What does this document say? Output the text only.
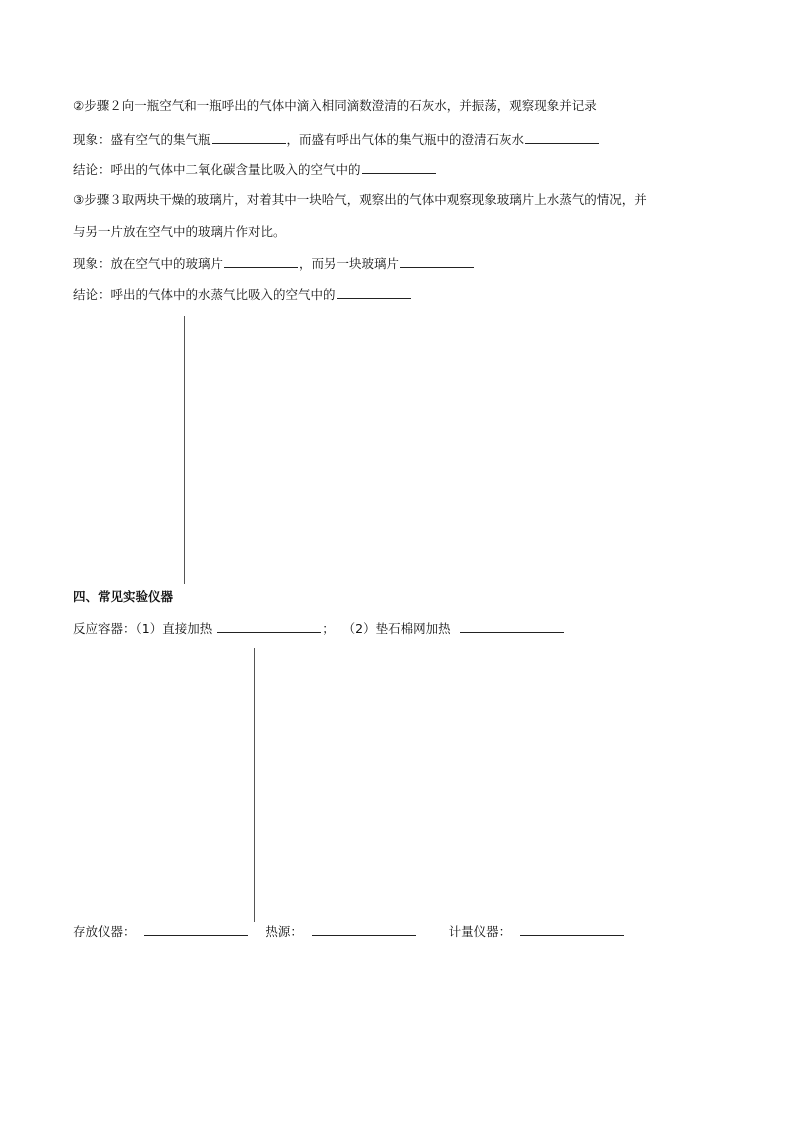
②步骤２向一瓶空气和一瓶呼出的气体中滴入相同滴数澄清的石灰水，并振荡，观察现象并记录
现象：盛有空气的集气瓶	，而盛有呼出气体的集气瓶中的澄清石灰水
结论：呼出的气体中二氧化碳含量比吸入的空气中的
③步骤３取两块干燥的玻璃片，对着其中一块哈气，观察出的气体中观察现象玻璃片上水蒸气的情况，并
与另一片放在空气中的玻璃片作对比。
现象：放在空气中的玻璃片	，而另一块玻璃片
结论：呼出的气体中的水蒸气比吸入的空气中的
四、常见实验仪器
反应容器：（1）直接加热	； （2）垫石棉网加热
存放仪器：	热源：	计量仪器：
